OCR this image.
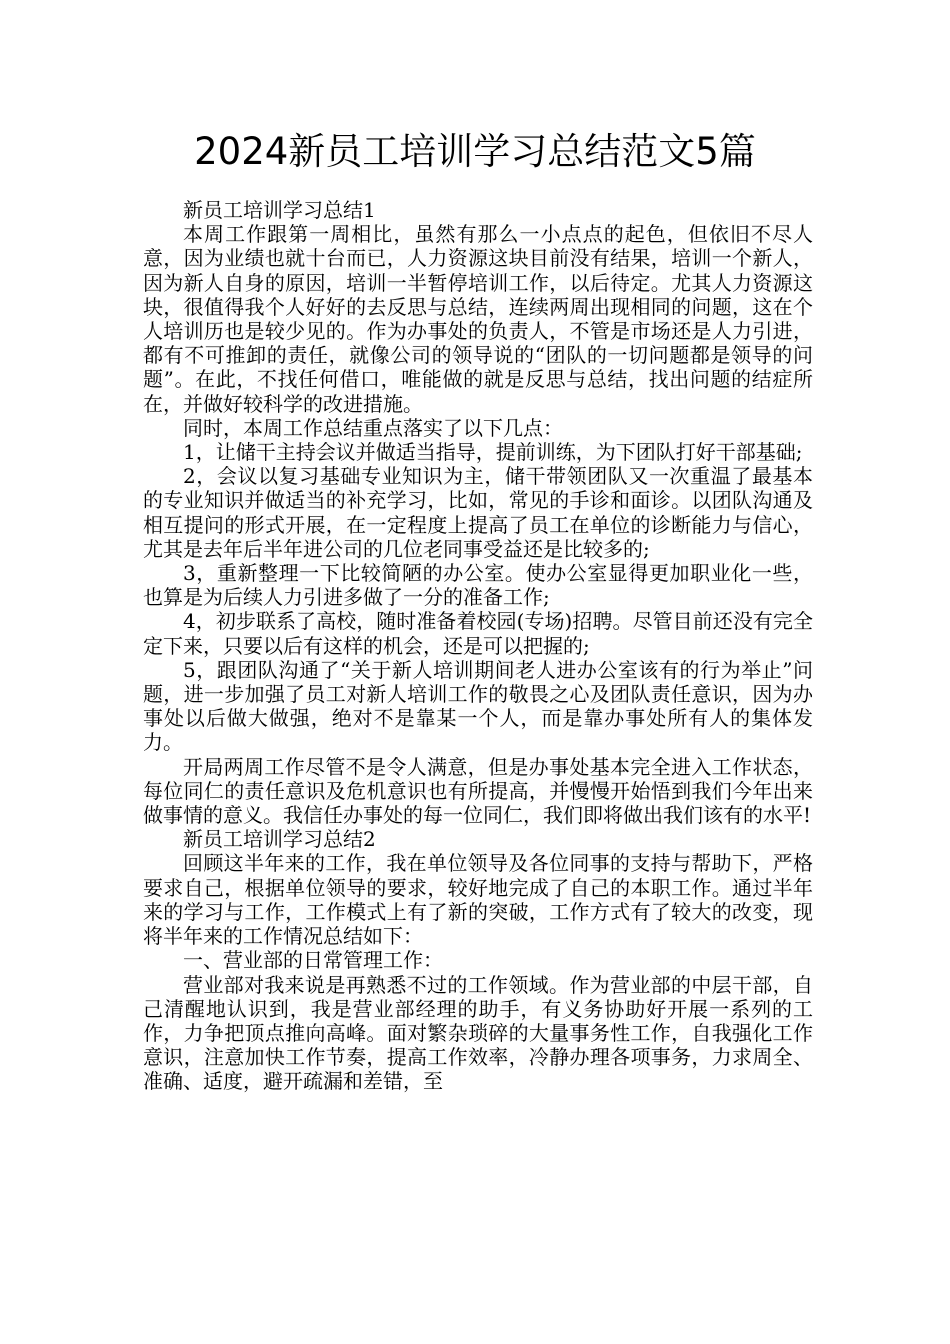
2024新员工培训学习总结范文5篇

新员工培训学习总结1

本周工作跟第一周相比，虽然有那么一小点点的起色，但依旧不尽人意，因为业绩也就十台而已，人力资源这块目前没有结果，培训一个新人，因为新人自身的原因，培训一半暂停培训工作，以后待定。尤其人力资源这块，很值得我个人好好的去反思与总结，连续两周出现相同的问题，这在个人培训历也是较少见的。作为办事处的负责人，不管是市场还是人力引进，都有不可推卸的责任，就像公司的领导说的“团队的一切问题都是领导的问题”。在此，不找任何借口，唯能做的就是反思与总结，找出问题的结症所在，并做好较科学的改进措施。

同时，本周工作总结重点落实了以下几点：

1，让储干主持会议并做适当指导，提前训练，为下团队打好干部基础;

2，会议以复习基础专业知识为主，储干带领团队又一次重温了最基本的专业知识并做适当的补充学习，比如，常见的手诊和面诊。以团队沟通及相互提问的形式开展，在一定程度上提高了员工在单位的诊断能力与信心，尤其是去年后半年进公司的几位老同事受益还是比较多的;

3，重新整理一下比较简陋的办公室。使办公室显得更加职业化一些，也算是为后续人力引进多做了一分的准备工作;

4，初步联系了高校，随时准备着校园(专场)招聘。尽管目前还没有完全定下来，只要以后有这样的机会，还是可以把握的;

5，跟团队沟通了“关于新人培训期间老人进办公室该有的行为举止”问题，进一步加强了员工对新人培训工作的敬畏之心及团队责任意识，因为办事处以后做大做强，绝对不是靠某一个人，而是靠办事处所有人的集体发力。

开局两周工作尽管不是令人满意，但是办事处基本完全进入工作状态，每位同仁的责任意识及危机意识也有所提高，并慢慢开始悟到我们今年出来做事情的意义。我信任办事处的每一位同仁，我们即将做出我们该有的水平!

新员工培训学习总结2

回顾这半年来的工作，我在单位领导及各位同事的支持与帮助下，严格要求自己，根据单位领导的要求，较好地完成了自己的本职工作。通过半年来的学习与工作，工作模式上有了新的突破，工作方式有了较大的改变，现将半年来的工作情况总结如下：

一、营业部的日常管理工作：

营业部对我来说是再熟悉不过的工作领域。作为营业部的中层干部，自己清醒地认识到，我是营业部经理的助手，有义务协助好开展一系列的工作，力争把顶点推向高峰。面对繁杂琐碎的大量事务性工作，自我强化工作意识，注意加快工作节奏，提高工作效率，冷静办理各项事务，力求周全、准确、适度，避开疏漏和差错，至
